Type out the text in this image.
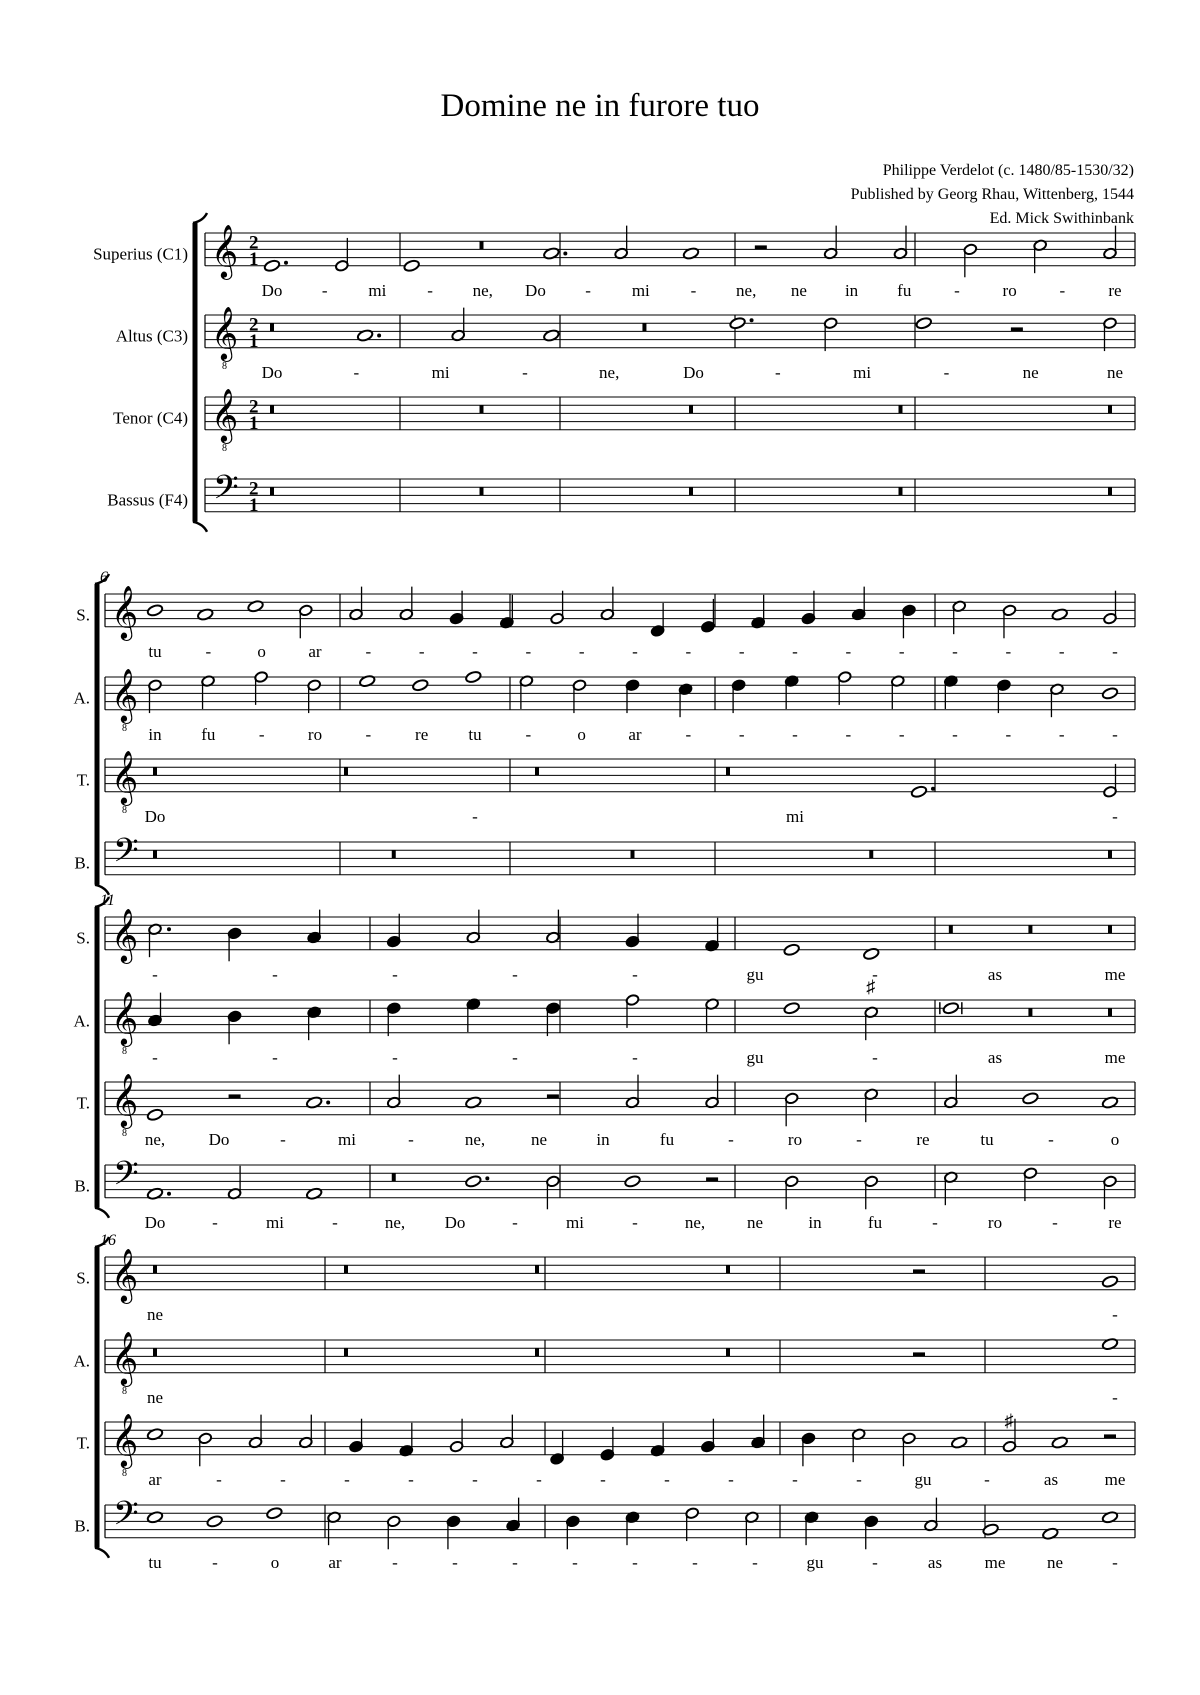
Domine ne in furore tuo
Philippe Verdelot (c. 1480/85-1530/32)
Published by Georg Rhau, Wittenberg, 1544
Ed. Mick Swithinbank
Superius (C1) 𝄞 2
1
Do - mi - ne, Do - mi - ne, ne in fu	-	ro	-	re
Altus (C3) 𝄞
8
2
1
Do	-	mi	-	ne,	Do	-	mi	-	ne	ne
Tenor (C4) 𝄞
8
2
1
Bassus (F4) 𝄢 2
1
6
S. 𝄞
tu	-	o ar	-	-	-	-	-	-	-	-	-	-	-	-	-	-	-
A. 𝄞
8 in fu	-	ro	-	re tu	-	o ar	-	-	-	-	-	-	-	-	-
T. 𝄞
8 Do	-	mi	-
B. 𝄢
11
S. 𝄞
-	-	-	-	-	gu	-	as	me
A. 𝄞
8
♯
-	-	-	-	-	gu	-	as	me
T. 𝄞
8 ne,	Do	-	mi	-	ne,	ne	in	fu	-	ro	-	re	tu	-	o
B. 𝄢
Do	-	mi	-	ne, Do	-	mi	-	ne, ne	in	fu	-	ro	-	re
16
S. 𝄞
ne	-
A. 𝄞
8 ne	-
T. 𝄞
8
♯
ar	-	-	-	-	-	-	-	-	-	-	-	gu	-	as	me
B. 𝄢
tu	-	o	ar	-	-	-	-	-	-	-	gu	-	as	me ne	-
